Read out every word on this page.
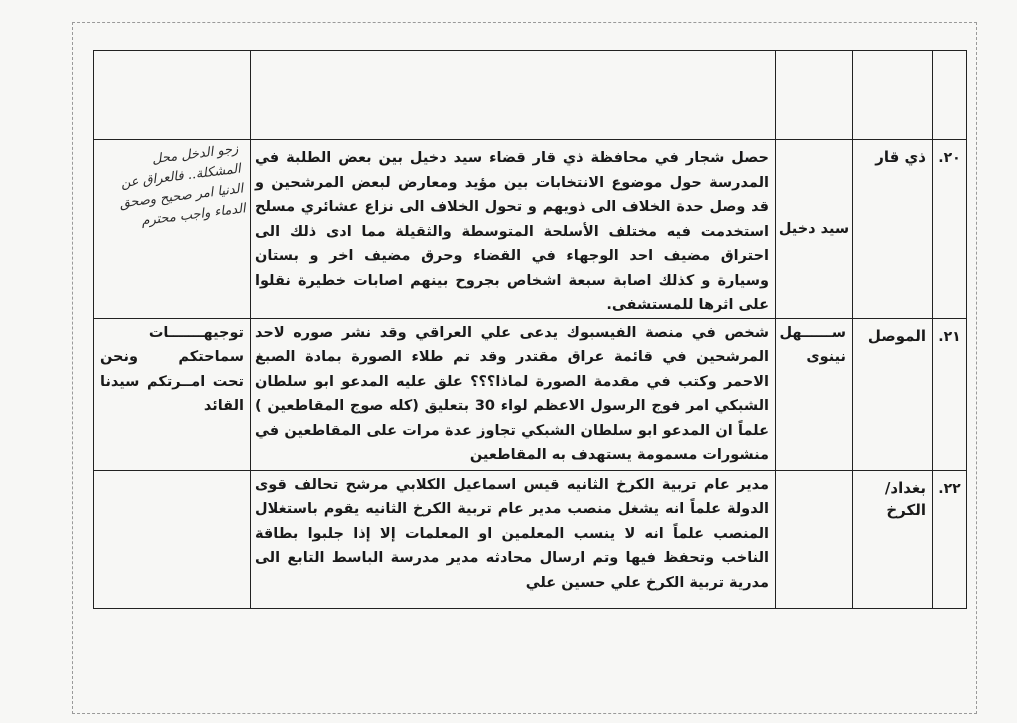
٢٠.	ذي قار	سيد دخيل	حصل شجار في محافظة ذي قار قضاء سيد دخيل بين بعض الطلبة في المدرسة حول موضوع الانتخابات بين مؤيد ومعارض لبعض المرشحين و قد وصل حدة الخلاف الى ذويهم و تحول الخلاف الى نزاع عشائري مسلح استخدمت فيه مختلف الأسلحة المتوسطة والثقيلة مما ادى ذلك الى احتراق مضيف احد الوجهاء في القضاء وحرق مضيف اخر و بستان وسيارة و كذلك اصابة سبعة اشخاص بجروح بينهم اصابات خطيرة نقلوا على اثرها للمستشفى.	زجو الدخل محل المشكلة.. فالعراق عن الدنيا امر صحيح وصحق الدماء واجب محترم

٢١.	الموصل	ســــــهل نينوى	شخص في منصة الفيسبوك يدعى علي العراقي وقد نشر صوره لاحد المرشحين في قائمة عراق مقتدر وقد تم طلاء الصورة بمادة الصبغ الاحمر وكتب في مقدمة الصورة لماذا؟؟؟ علق عليه المدعو ابو سلطان الشبكي امر فوج الرسول الاعظم لواء 30 بتعليق (كله صوج المقاطعين ) علماً ان المدعو ابو سلطان الشبكي تجاوز عدة مرات على المقاطعين في منشورات مسمومة يستهدف به المقاطعين	توجيهـــــــات سماحتكم ونحن تحت امــرتكم سيدنا القائد

٢٢.	بغداد/الكرخ		مدير عام تربية الكرخ الثانيه قيس اسماعيل الكلابي مرشح تحالف قوى الدولة علماً انه يشغل منصب مدير عام تربية الكرخ الثانيه يقوم باستغلال المنصب علماً انه لا ينسب المعلمين او المعلمات إلا إذا جلبوا بطاقة الناخب وتحفظ فيها وتم ارسال محادثه مدير مدرسة الباسط التابع الى مدرية تربية الكرخ علي حسين علي	
